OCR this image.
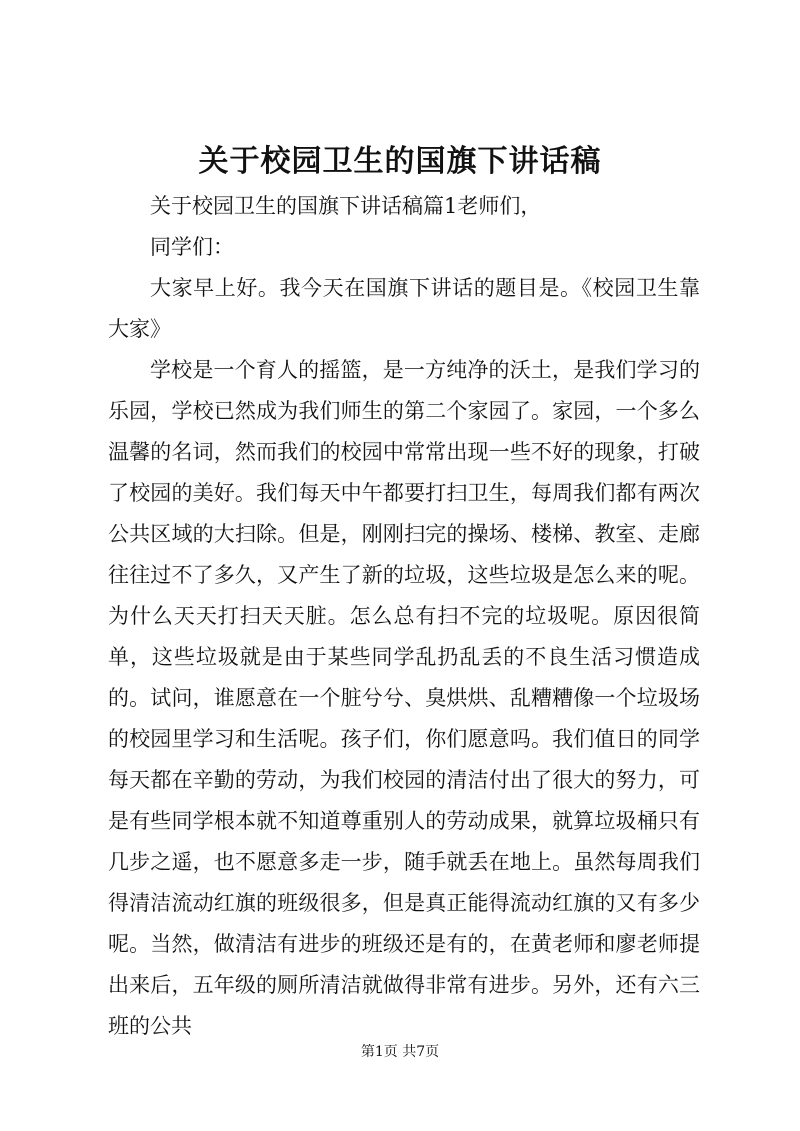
关于校园卫生的国旗下讲话稿

关于校园卫生的国旗下讲话稿篇1老师们，

同学们：

大家早上好。我今天在国旗下讲话的题目是。《校园卫生靠大家》

学校是一个育人的摇篮，是一方纯净的沃土，是我们学习的乐园，学校已然成为我们师生的第二个家园了。家园，一个多么温馨的名词，然而我们的校园中常常出现一些不好的现象，打破了校园的美好。我们每天中午都要打扫卫生，每周我们都有两次公共区域的大扫除。但是，刚刚扫完的操场、楼梯、教室、走廊往往过不了多久，又产生了新的垃圾，这些垃圾是怎么来的呢。为什么天天打扫天天脏。怎么总有扫不完的垃圾呢。原因很简单，这些垃圾就是由于某些同学乱扔乱丢的不良生活习惯造成的。试问，谁愿意在一个脏兮兮、臭烘烘、乱糟糟像一个垃圾场的校园里学习和生活呢。孩子们，你们愿意吗。我们值日的同学每天都在辛勤的劳动，为我们校园的清洁付出了很大的努力，可是有些同学根本就不知道尊重别人的劳动成果，就算垃圾桶只有几步之遥，也不愿意多走一步，随手就丢在地上。虽然每周我们得清洁流动红旗的班级很多，但是真正能得流动红旗的又有多少呢。当然，做清洁有进步的班级还是有的，在黄老师和廖老师提出来后，五年级的厕所清洁就做得非常有进步。另外，还有六三班的公共

第1页 共7页
